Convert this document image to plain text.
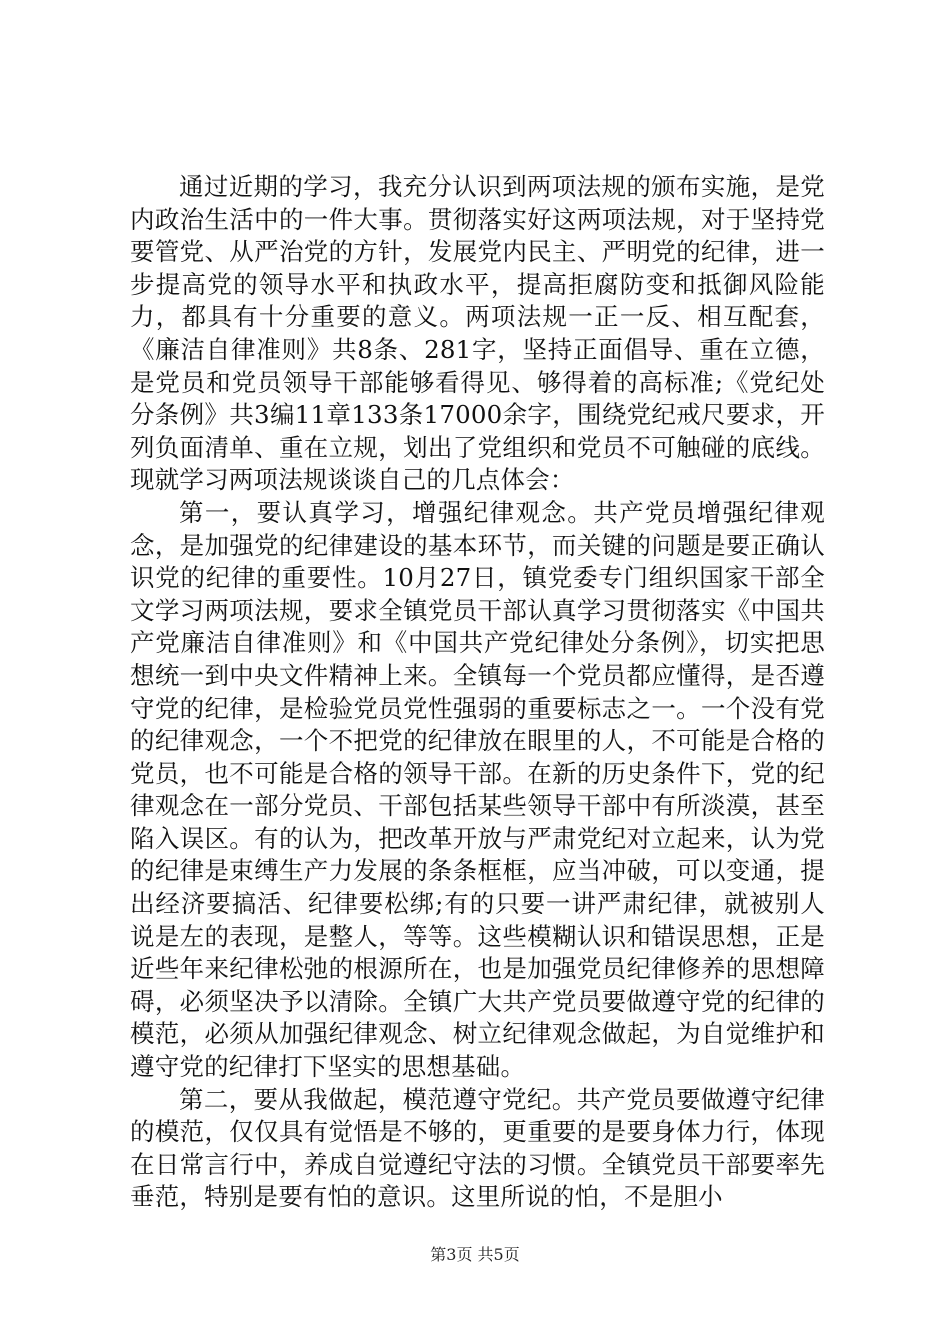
通过近期的学习，我充分认识到两项法规的颁布实施，是党内政治生活中的一件大事。贯彻落实好这两项法规，对于坚持党要管党、从严治党的方针，发展党内民主、严明党的纪律，进一步提高党的领导水平和执政水平，提高拒腐防变和抵御风险能力，都具有十分重要的意义。两项法规一正一反、相互配套，《廉洁自律准则》共8条、281字，坚持正面倡导、重在立德，是党员和党员领导干部能够看得见、够得着的高标准;《党纪处分条例》共3编11章133条17000余字，围绕党纪戒尺要求，开列负面清单、重在立规，划出了党组织和党员不可触碰的底线。现就学习两项法规谈谈自己的几点体会：

第一，要认真学习，增强纪律观念。共产党员增强纪律观念，是加强党的纪律建设的基本环节，而关键的问题是要正确认识党的纪律的重要性。10月27日，镇党委专门组织国家干部全文学习两项法规，要求全镇党员干部认真学习贯彻落实《中国共产党廉洁自律准则》和《中国共产党纪律处分条例》，切实把思想统一到中央文件精神上来。全镇每一个党员都应懂得，是否遵守党的纪律，是检验党员党性强弱的重要标志之一。一个没有党的纪律观念，一个不把党的纪律放在眼里的人，不可能是合格的党员，也不可能是合格的领导干部。在新的历史条件下，党的纪律观念在一部分党员、干部包括某些领导干部中有所淡漠，甚至陷入误区。有的认为，把改革开放与严肃党纪对立起来，认为党的纪律是束缚生产力发展的条条框框，应当冲破，可以变通，提出经济要搞活、纪律要松绑;有的只要一讲严肃纪律，就被别人说是左的表现，是整人，等等。这些模糊认识和错误思想，正是近些年来纪律松弛的根源所在，也是加强党员纪律修养的思想障碍，必须坚决予以清除。全镇广大共产党员要做遵守党的纪律的模范，必须从加强纪律观念、树立纪律观念做起，为自觉维护和遵守党的纪律打下坚实的思想基础。

第二，要从我做起，模范遵守党纪。共产党员要做遵守纪律的模范，仅仅具有觉悟是不够的，更重要的是要身体力行，体现在日常言行中，养成自觉遵纪守法的习惯。全镇党员干部要率先垂范，特别是要有怕的意识。这里所说的怕，不是胆小

第3页 共5页
